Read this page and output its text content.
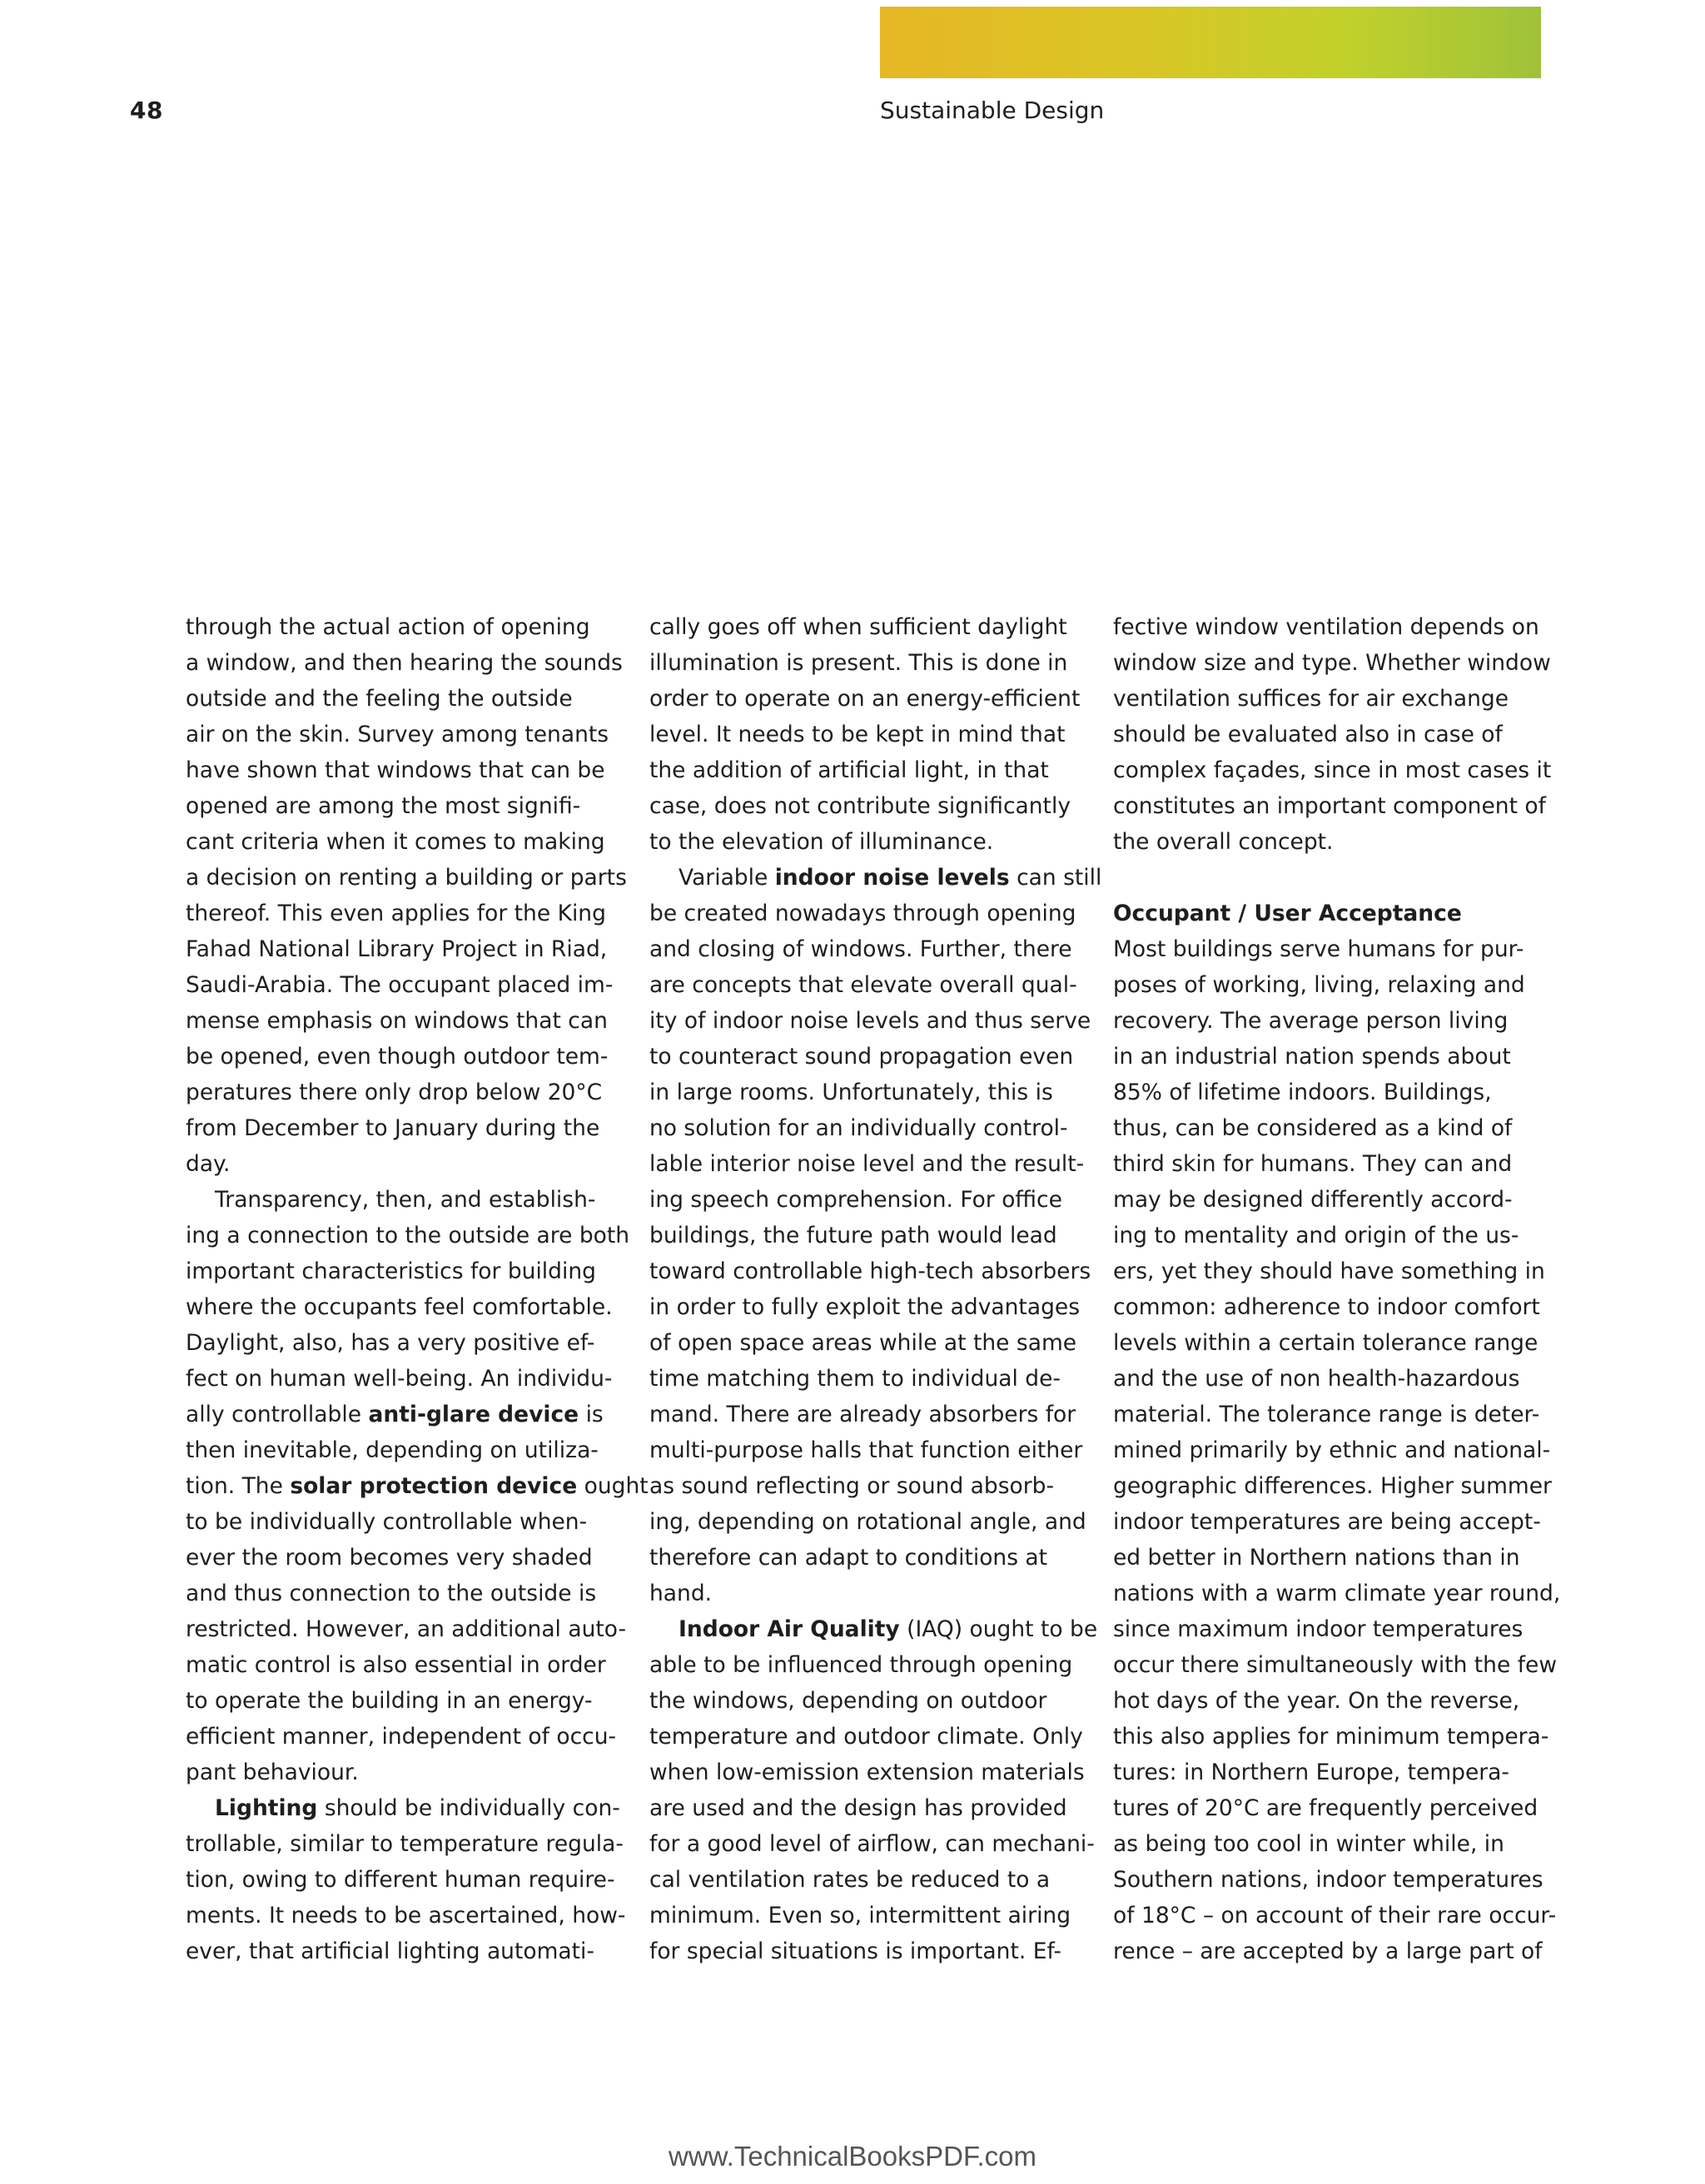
48	Sustainable Design

through the actual action of opening

a window, and then hearing the sounds

outside and the feeling the outside

air on the skin. Survey among tenants

have shown that windows that can be

opened are among the most signifi-

cant criteria when it comes to making

a decision on renting a building or parts

thereof. This even applies for the King

Fahad National Library Project in Riad,

Saudi-Arabia. The occupant placed im-

mense emphasis on windows that can

be opened, even though outdoor tem-

peratures there only drop below 20°C

from December to January during the

day.

Transparency, then, and establish-

ing a connection to the outside are both

important characteristics for building

where the occupants feel comfortable.

Daylight, also, has a very positive ef-

fect on human well-being. An individu-

ally controllable anti-glare device is

then inevitable, depending on utiliza-

tion. The solar protection device ought

to be individually controllable when-

ever the room becomes very shaded

and thus connection to the outside is

restricted. However, an additional auto-

matic control is also essential in order

to operate the building in an energy-

efficient manner, independent of occu-

pant behaviour.

Lighting should be individually con-

trollable, similar to temperature regula-

tion, owing to different human require-

ments. It needs to be ascertained, how-

ever, that artificial lighting automati-

cally goes off when sufficient daylight

illumination is present. This is done in

order to operate on an energy-efficient

level. It needs to be kept in mind that

the addition of artificial light, in that

case, does not contribute significantly

to the elevation of illuminance.

Variable indoor noise levels can still

be created nowadays through opening

and closing of windows. Further, there

are concepts that elevate overall qual-

ity of indoor noise levels and thus serve

to counteract sound propagation even

in large rooms. Unfortunately, this is

no solution for an individually control-

lable interior noise level and the result-

ing speech comprehension. For office

buildings, the future path would lead

toward controllable high-tech absorbers

in order to fully exploit the advantages

of open space areas while at the same

time matching them to individual de-

mand. There are already absorbers for

multi-purpose halls that function either

as sound reflecting or sound absorb-

ing, depending on rotational angle, and

therefore can adapt to conditions at

hand.

Indoor Air Quality (IAQ) ought to be

able to be influenced through opening

the windows, depending on outdoor

temperature and outdoor climate. Only

when low-emission extension materials

are used and the design has provided

for a good level of airflow, can mechani-

cal ventilation rates be reduced to a

minimum. Even so, intermittent airing

for special situations is important. Ef-

fective window ventilation depends on

window size and type. Whether window

ventilation suffices for air exchange

should be evaluated also in case of

complex façades, since in most cases it

constitutes an important component of

the overall concept.

Occupant / User Acceptance

Most buildings serve humans for pur-

poses of working, living, relaxing and

recovery. The average person living

in an industrial nation spends about

85% of lifetime indoors. Buildings,

thus, can be considered as a kind of

third skin for humans. They can and

may be designed differently accord-

ing to mentality and origin of the us-

ers, yet they should have something in

common: adherence to indoor comfort

levels within a certain tolerance range

and the use of non health-hazardous

material. The tolerance range is deter-

mined primarily by ethnic and national-

geographic differences. Higher summer

indoor temperatures are being accept-

ed better in Northern nations than in

nations with a warm climate year round,

since maximum indoor temperatures

occur there simultaneously with the few

hot days of the year. On the reverse,

this also applies for minimum tempera-

tures: in Northern Europe, tempera-

tures of 20°C are frequently perceived

as being too cool in winter while, in

Southern nations, indoor temperatures

of 18°C – on account of their rare occur-

rence – are accepted by a large part of

www.TechnicalBooksPDF.com
